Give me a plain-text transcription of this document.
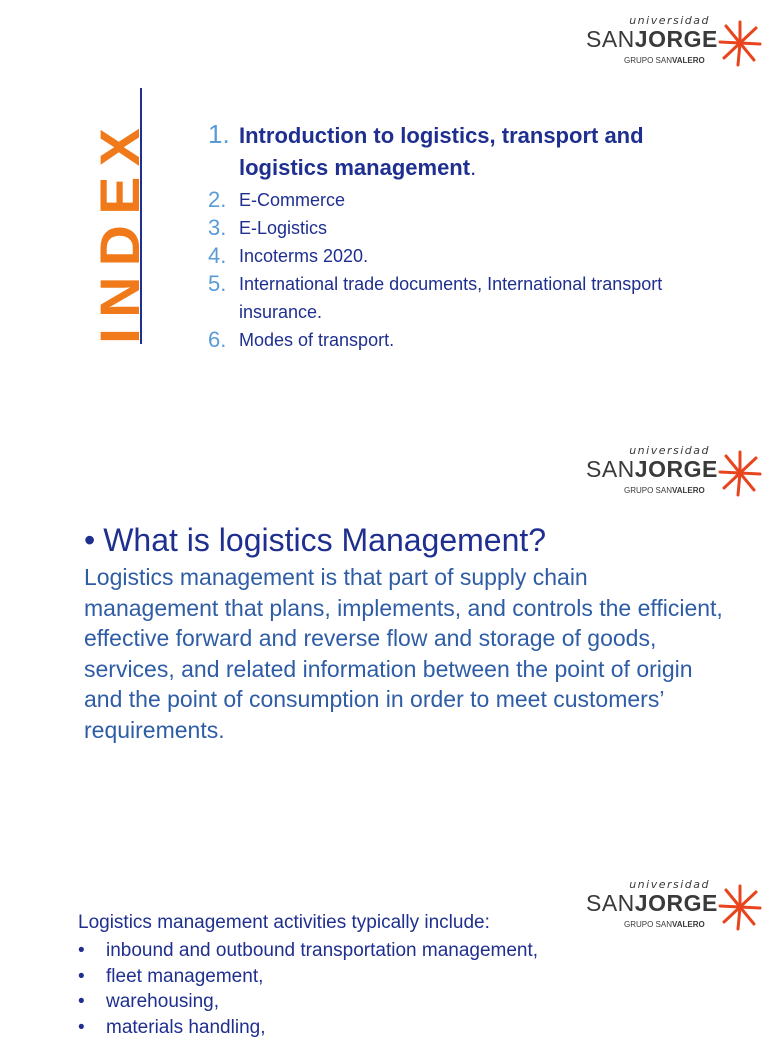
universidad
SANJORGE
GRUPO SANVALERO
INDEX 1. Introduction to logistics, transport and logistics management.
2. E-Commerce
3. E-Logistics
4. Incoterms 2020.
5. International trade documents, International transport insurance.
6. Modes of transport.
universidad
SANJORGE
GRUPO SANVALERO
• What is logistics Management?
Logistics management is that part of supply chain management that plans, implements, and controls the efficient, effective forward and reverse flow and storage of goods, services, and related information between the point of origin and the point of consumption in order to meet customers’ requirements.
universidad
SANJORGE
GRUPO SANVALERO
Logistics management activities typically include:
• inbound and outbound transportation management,
• fleet management,
• warehousing,
• materials handling,
